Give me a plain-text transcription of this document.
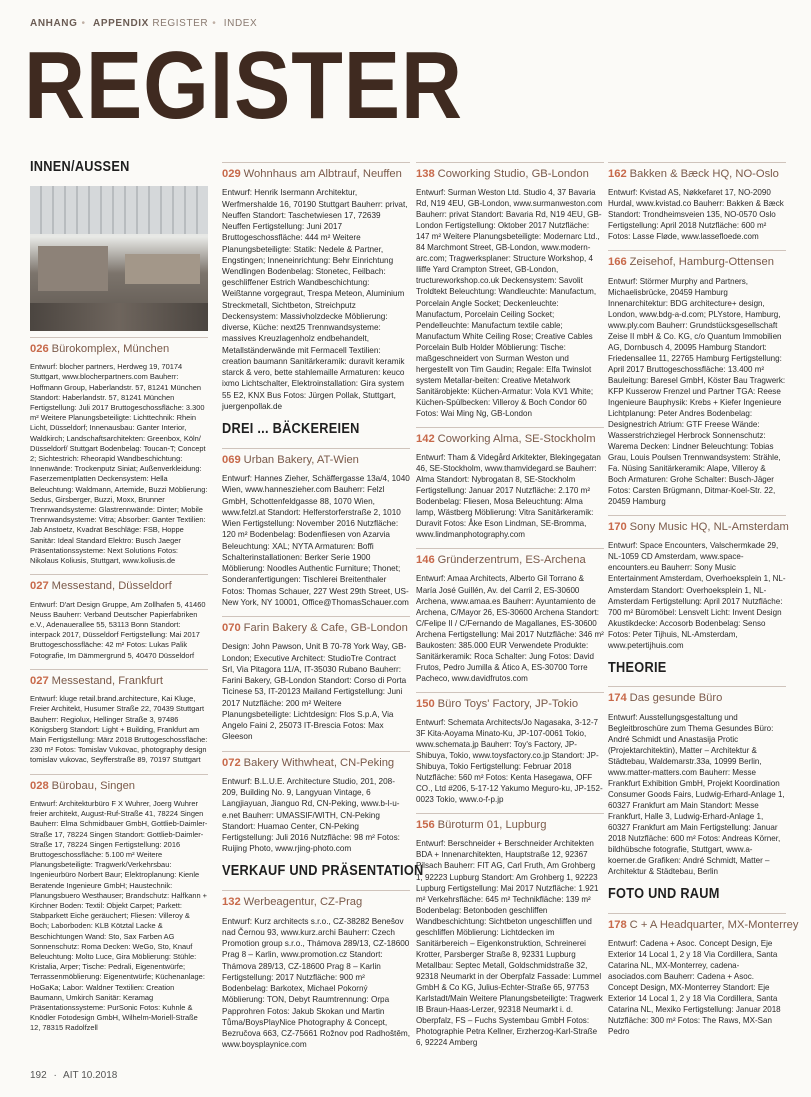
ANHANG • APPENDIX REGISTER • INDEX
REGISTER
INNEN/AUSSEN
026 Bürokomplex, München
Entwurf: blocher partners, Herdweg 19, 70174 Stuttgart, www.blocherpartners.com Bauherr: Hoffmann Group, Haberlandstr. 57, 81241 München Standort: Haberlandstr. 57, 81241 München Fertigstellung: Juli 2017 Bruttogeschossfläche: 3.300 m² Weitere Planungsbeteiligte: Lichttechnik: Rhein Licht, Düsseldorf; Innenausbau: Ganter Interior, Waldkirch; Landschaftsarchitekten: Greenbox, Köln/ Düsseldorf/ Stuttgart Bodenbelag: Toucan-T; Concept 2; Sichtestrich: Rheorapid Wandbeschichtung: Innenwände: Trockenputz Siniat; Außenverkleidung: Faserzementplatten Deckensystem: Hella Beleuchtung: Waldmann, Artemide, Buzzi Möblierung: Sedus, Girsberger, Buzzi, Moxx, Brunner Trennwandsysteme: Glastrennwände: Dinter; Mobile Trennwandsysteme: Vitra; Absorber: Ganter Textilien: Jab Anstoetz, Kvadrat Beschläge: FSB, Hoppe Sanitär: Ideal Standard Elektro: Busch Jaeger Präsentationssysteme: Next Solutions Fotos: Nikolaus Koliusis, Stuttgart, www.koliusis.de
027 Messestand, Düsseldorf
Entwurf: D'art Design Gruppe, Am Zollhafen 5, 41460 Neuss Bauherr: Verband Deutscher Papierfabriken e.V., Adenauerallee 55, 53113 Bonn Standort: interpack 2017, Düsseldorf Fertigstellung: Mai 2017 Bruttogeschossfläche: 42 m² Fotos: Lukas Palik Fotografie, Im Dämmergrund 5, 40470 Düsseldorf
027 Messestand, Frankfurt
Entwurf: kluge retail.brand.architecture, Kai Kluge, Freier Architekt, Husumer Straße 22, 70439 Stuttgart Bauherr: Regiolux, Hellinger Straße 3, 97486 Königsberg Standort: Light + Building, Frankfurt am Main Fertigstellung: März 2018 Bruttogeschossfläche: 230 m² Fotos: Tomislav Vukovac, photography design tomislav vukovac, Seyfferstraße 89, 70197 Stuttgart
028 Bürobau, Singen
Entwurf: Architekturbüro F X Wuhrer, Joerg Wuhrer freier architekt, August-Ruf-Straße 41, 78224 Singen Bauherr: Elma Schmidbauer GmbH, Gottlieb-Daimler-Straße 17, 78224 Singen Standort: Gottlieb-Daimler-Straße 17, 78224 Singen Fertigstellung: 2016 Bruttogeschossfläche: 5.100 m² Weitere Planungsbeteiligte: Tragwerk/Verkehrsbau: Ingenieurbüro Norbert Baur; Elektroplanung: Kienle Beratende Ingenieure GmbH; Haustechnik: Planungsbuero Westhauser; Brandschutz: Halfkann + Kirchner Boden: Textil: Objekt Carpet; Parkett: Stabparkett Eiche geräuchert; Fliesen: Villeroy & Boch; Laborboden: KLB Kötztal Lacke & Beschichtungen Wand: Sto, Sax Farben AG Sonnenschutz: Roma Decken: WeGo, Sto, Knauf Beleuchtung: Molto Luce, Gira Möblierung: Stühle: Kristalia, Arper; Tische: Pedrali, Eigenentwürfe; Terrassenmöblierung: Eigenentwürfe; Küchenanlage: HoGaKa; Labor: Waldner Textilien: Creation Baumann, Umkirch Sanitär: Keramag Präsentationssysteme: PurSonic Fotos: Kuhnle & Knödler Fotodesign GmbH, Wilhelm-Moriell-Straße 12, 78315 Radolfzell
029 Wohnhaus am Albtrauf, Neuffen
Entwurf: Henrik Isermann Architektur, Werfmershalde 16, 70190 Stuttgart Bauherr: privat, Neuffen Standort: Taschetwiesen 17, 72639 Neuffen Fertigstellung: Juni 2017 Bruttogeschossfläche: 444 m² Weitere Planungsbeteiligte: Statik: Nedele & Partner, Engstingen; Inneneinrichtung: Behr Einrichtung Wendlingen Bodenbelag: Stonetec, Feilbach: geschliffener Estrich Wandbeschichtung: Weißtanne vorgegraut, Trespa Meteon, Aluminium Streckmetall, Sichtbeton, Streichputz Deckensystem: Massivholzdecke Möblierung: diverse, Küche: next25 Trennwandsysteme: massives Kreuzlagenholz endbehandelt, Metallständerwände mit Fermacell Textilien: creation baumann Sanitärkeramik: duravit keramik starck & vero, bette stahlemaille Armaturen: keuco ixmo Lichtschalter, Elektroinstallation: Gira system 55 E2, KNX Bus Fotos: Jürgen Pollak, Stuttgart, juergenpollak.de
DREI ... BÄCKEREIEN
069 Urban Bakery, AT-Wien
Entwurf: Hannes Zieher, Schäffergasse 13a/4, 1040 Wien, www.hanneszieher.com Bauherr: Felzl GmbH, Schottenfeldgasse 88, 1070 Wien, www.felzl.at Standort: Helferstorferstraße 2, 1010 Wien Fertigstellung: November 2016 Nutzfläche: 120 m² Bodenbelag: Bodenfliesen von Azarvia Beleuchtung: XAL; NYTA Armaturen: Boffi Schalterinstallationen: Berker Serie 1900 Möblierung: Noodles Authentic Furniture; Thonet; Sonderanfertigungen: Tischlerei Breitenthaler Fotos: Thomas Schauer, 227 West 29th Street, US-New York, NY 10001, Office@ThomasSchauer.com
070 Farin Bakery & Cafe, GB-London
Design: John Pawson, Unit B 70-78 York Way, GB-London; Executive Architect: StudioTre Contract Srl, Via Pitagora 11/A, IT-35030 Rubano Bauherr: Farini Bakery, GB-London Standort: Corso di Porta Ticinese 53, IT-20123 Mailand Fertigstellung: Juni 2017 Nutzfläche: 200 m² Weitere Planungsbeteiligte: Lichtdesign: Flos S.p.A, Via Angelo Faini 2, 25073 IT-Brescia Fotos: Max Gleeson
072 Bakery Withwheat, CN-Peking
Entwurf: B.L.U.E. Architecture Studio, 201, 208-209, Building No. 9, Langyuan Vintage, 6 Langjiayuan, Jianguo Rd, CN-Peking, www.b-l-u-e.net Bauherr: UMASSIF/WITH, CN-Peking Standort: Huamao Center, CN-Peking Fertigstellung: Juli 2016 Nutzfläche: 98 m² Fotos: Ruijing Photo, www.rjing-photo.com
VERKAUF UND PRÄSENTATION
132 Werbeagentur, CZ-Prag
Entwurf: Kurz architects s.r.o., CZ-38282 Benešov nad Černou 93, www.kurz.archi Bauherr: Czech Promotion group s.r.o., Thámova 289/13, CZ-18600 Prag 8 – Karlin, www.promotion.cz Standort: Thámova 289/13, CZ-18600 Prag 8 – Karlin Fertigstellung: 2017 Nutzfläche: 900 m² Bodenbelag: Barkotex, Michael Pokorný Möblierung: TON, Debyt Raumtrennung: Orpa Papprohren Fotos: Jakub Skokan und Martin Tůma/BoysPlayNice Photography & Concept, Bezručova 663, CZ-75661 Rožnov pod Radhoštěm, www.boysplaynice.com
138 Coworking Studio, GB-London
Entwurf: Surman Weston Ltd. Studio 4, 37 Bavaria Rd, N19 4EU, GB-London, www.surmanweston.com Bauherr: privat Standort: Bavaria Rd, N19 4EU, GB-London Fertigstellung: Oktober 2017 Nutzfläche: 147 m² Weitere Planungsbeteiligte: Modernarc Ltd., 84 Marchmont Street, GB-London, www.modern-arc.com; Tragwerksplaner: Structure Workshop, 4 Iliffe Yard Crampton Street, GB-London, tructureworkshop.co.uk Deckensystem: Savolit Troldtekt Beleuchtung: Wandleuchte: Manufactum, Porcelain Angle Socket; Deckenleuchte: Manufactum, Porcelain Ceiling Socket; Pendelleuchte: Manufactum textile cable; Manufactum White Ceiling Rose; Creative Cables Porcelain Bulb Holder Möblierung: Tische: maßgeschneidert von Surman Weston und hergestellt von Tim Gaudin; Regale: Elfa Twinslot system Metallar-beiten: Creative Metalwork Sanitärobjekte: Küchen-Armatur: Vola KV1 White; Küchen-Spülbecken: Villeroy & Boch Condor 60 Fotos: Wai Ming Ng, GB-London
142 Coworking Alma, SE-Stockholm
Entwurf: Tham & Videgård Arkitekter, Blekingegatan 46, SE-Stockholm, www.thamvidegard.se Bauherr: Alma Standort: Nybrogatan 8, SE-Stockholm Fertigstellung: Januar 2017 Nutzfläche: 2.170 m² Bodenbelag: Fliesen, Mosa Beleuchtung: Alma lamp, Wästberg Möblierung: Vitra Sanitärkeramik: Duravit Fotos: Åke Eson Lindman, SE-Bromma, www.lindmanphotography.com
146 Gründerzentrum, ES-Archena
Entwurf: Amaa Architects, Alberto Gil Torrano & María José Guillén, Av. del Carril 2, ES-30600 Archena, www.amaa.es Bauherr: Ayuntamiento de Archena, C/Mayor 26, ES-30600 Archena Standort: C/Felipe II / C/Fernando de Magallanes, ES-30600 Archena Fertigstellung: Mai 2017 Nutzfläche: 346 m² Baukosten: 385.000 EUR Verwendete Produkte: Sanitärkeramik: Roca Schalter: Jung Fotos: David Frutos, Pedro Jumilla & Ático A, ES-30700 Torre Pacheco, www.davidfrutos.com
150 Büro Toys' Factory, JP-Tokio
Entwurf: Schemata Architects/Jo Nagasaka, 3-12-7 3F Kita-Aoyama Minato-Ku, JP-107-0061 Tokio, www.schemata.jp Bauherr: Toy's Factory, JP-Shibuya, Tokio, www.toysfactory.co.jp Standort: JP-Shibuya, Tokio Fertigstellung: Februar 2018 Nutzfläche: 560 m² Fotos: Kenta Hasegawa, OFF CO., Ltd #206, 5-17-12 Yakumo Meguro-ku, JP-152-0023 Tokio, www.o-f-p.jp
156 Büroturm 01, Lupburg
Entwurf: Berschneider + Berschneider Architekten BDA + Innenarchitekten, Hauptstraße 12, 92367 Pilsach Bauherr: FIT AG, Carl Fruth, Am Grohberg 1, 92223 Lupburg Standort: Am Grohberg 1, 92223 Lupburg Fertigstellung: Mai 2017 Nutzfläche: 1.921 m² Verkehrsfläche: 645 m² Technikfläche: 139 m² Bodenbelag: Betonboden geschliffen Wandbeschichtung: Sichtbeton ungeschliffen und geschliffen Möblierung: Lichtdecken im Sanitärbereich – Eigenkonstruktion, Schreinerei Krotter, Parsberger Straße 8, 92331 Lupburg Metallbau: Septec Metall, Goldschmidstraße 32, 92318 Neumarkt in der Oberpfalz Fassade: Lummel GmbH & Co KG, Julius-Echter-Straße 65, 97753 Karlstadt/Main Weitere Planungsbeteiligte: Tragwerk IB Braun-Haas-Lerzer, 92318 Neumarkt i. d. Oberpfalz, FS – Fuchs Systembau GmbH Fotos: Photographie Petra Kellner, Erzherzog-Karl-Straße 6, 92224 Amberg
162 Bakken & Bæck HQ, NO-Oslo
Entwurf: Kvistad AS, Nøkkefaret 17, NO-2090 Hurdal, www.kvistad.co Bauherr: Bakken & Bæck Standort: Trondheimsveien 135, NO-0570 Oslo Fertigstellung: April 2018 Nutzfläche: 600 m² Fotos: Lasse Fløde, www.lassefloede.com
166 Zeisehof, Hamburg-Ottensen
Entwurf: Störmer Murphy and Partners, Michaelisbrücke, 20459 Hamburg Innenarchitektur: BDG architecture+ design, London, www.bdg-a-d.com; PLYstore, Hamburg, www.ply.com Bauherr: Grundstücksgesellschaft Zeise II mbH & Co. KG, c/o Quantum Immobilien AG, Dornbusch 4, 20095 Hamburg Standort: Friedensallee 11, 22765 Hamburg Fertigstellung: April 2017 Bruttogeschossfläche: 13.400 m² Bauleitung: Baresel GmbH, Köster Bau Tragwerk: KFP Kusserow Frenzel und Partner TGA: Reese Ingenieure Bauphysik: Krebs + Kiefer Ingenieure Lichtplanung: Peter Andres Bodenbelag: Designestrich Atrium: GTF Freese Wände: Wasserstrichziegel Herbrock Sonnenschutz: Warema Decken: Lindner Beleuchtung: Tobias Grau, Louis Poulsen Trennwandsystem: Strähle, Fa. Nüsing Sanitärkeramik: Alape, Villeroy & Boch Armaturen: Grohe Schalter: Busch-Jäger Fotos: Carsten Brügmann, Ditmar-Koel-Str. 22, 20459 Hamburg
170 Sony Music HQ, NL-Amsterdam
Entwurf: Space Encounters, Valschermkade 29, NL-1059 CD Amsterdam, www.space-encounters.eu Bauherr: Sony Music Entertainment Amsterdam, Overhoeksplein 1, NL-Amsterdam Standort: Overhoeksplein 1, NL-Amsterdam Fertigstellung: April 2017 Nutzfläche: 700 m² Büromöbel: Lensvelt Licht: Invent Design Akustikdecke: Accosorb Bodenbelag: Senso Fotos: Peter Tijhuis, NL-Amsterdam, www.petertijhuis.com
THEORIE
174 Das gesunde Büro
Entwurf: Ausstellungsgestaltung und Begleitbroschüre zum Thema Gesundes Büro: André Schmidt und Anastasija Protic (Projektarchitektin), Matter – Architektur & Städtebau, Waldemarstr.33a, 10999 Berlin, www.matter-matters.com Bauherr: Messe Frankfurt Exhibition GmbH, Projekt Koordination Consumer Goods Fairs, Ludwig-Erhard-Anlage 1, 60327 Frankfurt am Main Standort: Messe Frankfurt, Halle 3, Ludwig-Erhard-Anlage 1, 60327 Frankfurt am Main Fertigstellung: Januar 2018 Nutzfläche: 600 m² Fotos: Andreas Körner, bildhübsche fotografie, Stuttgart, www.a-koerner.de Grafiken: André Schmidt, Matter – Architektur & Städtebau, Berlin
FOTO UND RAUM
178 C + A Headquarter, MX-Monterrey
Entwurf: Cadena + Asoc. Concept Design, Eje Exterior 14 Local 1, 2 y 18 Via Cordillera, Santa Catarina NL, MX-Monterrey, cadena-asociados.com Bauherr: Cadena + Asoc. Concept Design, MX-Monterrey Standort: Eje Exterior 14 Local 1, 2 y 18 Via Cordillera, Santa Catarina NL, Mexiko Fertigstellung: Januar 2018 Nutzfläche: 300 m² Fotos: The Raws, MX-San Pedro
192 · AIT 10.2018
